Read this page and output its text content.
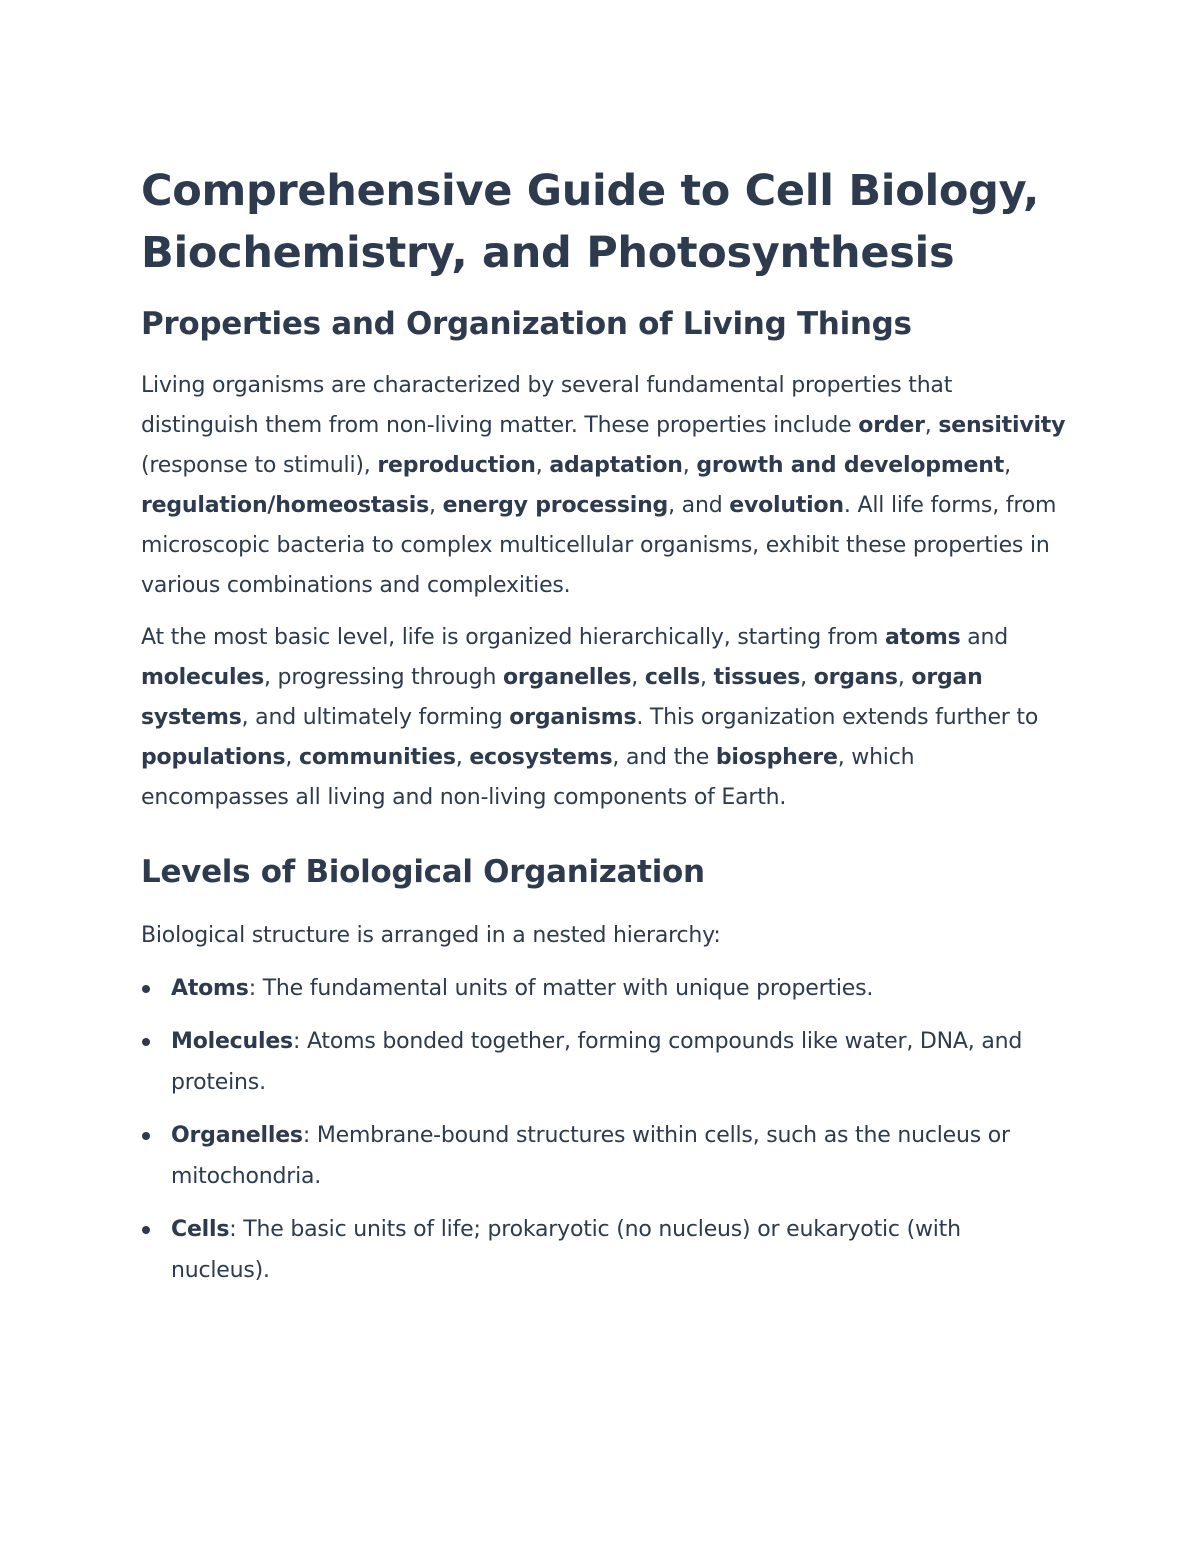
Comprehensive Guide to Cell Biology, Biochemistry, and Photosynthesis
Properties and Organization of Living Things

Living organisms are characterized by several fundamental properties that distinguish them from non-living matter. These properties include order, sensitivity (response to stimuli), reproduction, adaptation, growth and development, regulation/homeostasis, energy processing, and evolution. All life forms, from microscopic bacteria to complex multicellular organisms, exhibit these properties in various combinations and complexities.

At the most basic level, life is organized hierarchically, starting from atoms and molecules, progressing through organelles, cells, tissues, organs, organ systems, and ultimately forming organisms. This organization extends further to populations, communities, ecosystems, and the biosphere, which encompasses all living and non-living components of Earth.

Levels of Biological Organization

Biological structure is arranged in a nested hierarchy:

Atoms: The fundamental units of matter with unique properties.
Molecules: Atoms bonded together, forming compounds like water, DNA, and proteins.
Organelles: Membrane-bound structures within cells, such as the nucleus or mitochondria.
Cells: The basic units of life; prokaryotic (no nucleus) or eukaryotic (with nucleus).
